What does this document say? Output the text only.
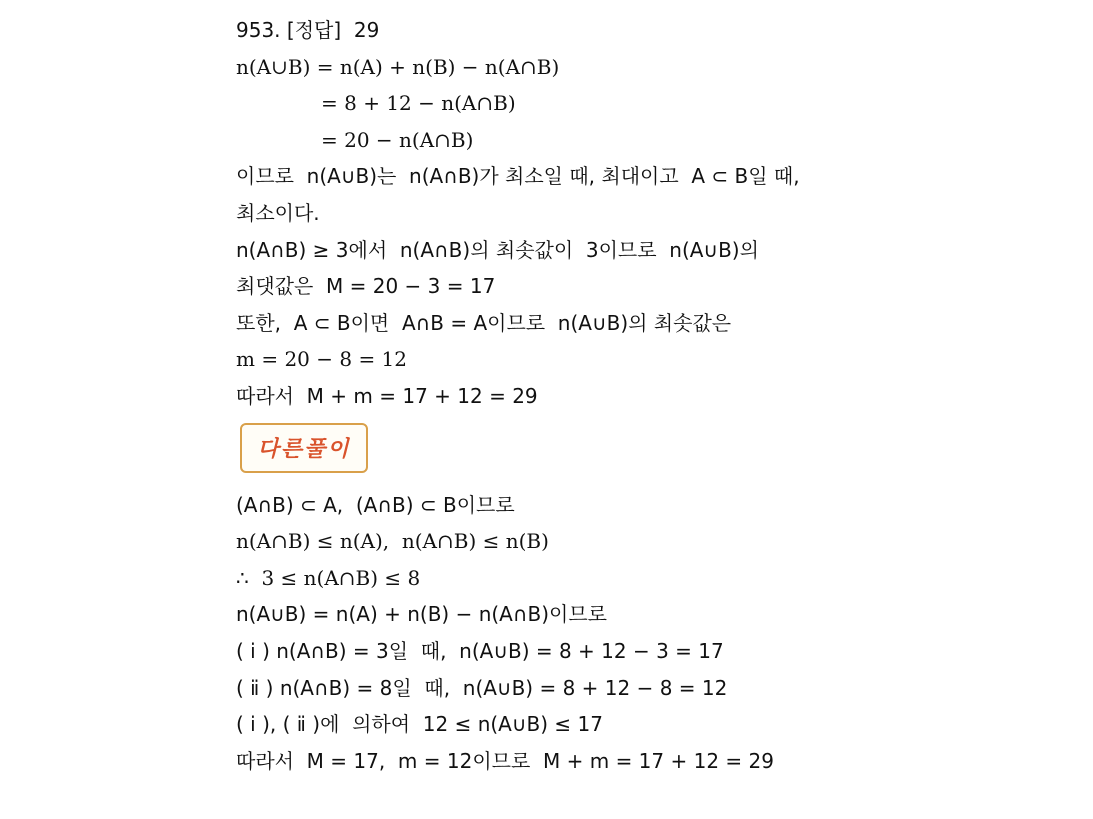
953. [정답]  29
n(A∪B) = n(A) + n(B) − n(A∩B)
= 8 + 12 − n(A∩B)
= 20 − n(A∩B)
이므로  n(A∪B)는  n(A∩B)가 최소일 때, 최대이고  A ⊂ B일 때,
최소이다.
n(A∩B) ≥ 3에서  n(A∩B)의 최솟값이  3이므로  n(A∪B)의
최댓값은  M = 20 − 3 = 17
또한,  A ⊂ B이면  A∩B = A이므로  n(A∪B)의 최솟값은
m = 20 − 8 = 12
따라서  M + m = 17 + 12 = 29
다른풀이
(A∩B) ⊂ A,  (A∩B) ⊂ B이므로
n(A∩B) ≤ n(A),  n(A∩B) ≤ n(B)
∴  3 ≤ n(A∩B) ≤ 8
n(A∪B) = n(A) + n(B) − n(A∩B)이므로
( ⅰ ) n(A∩B) = 3일  때,  n(A∪B) = 8 + 12 − 3 = 17
( ⅱ ) n(A∩B) = 8일  때,  n(A∪B) = 8 + 12 − 8 = 12
( ⅰ ), ( ⅱ )에  의하여  12 ≤ n(A∪B) ≤ 17
따라서  M = 17,  m = 12이므로  M + m = 17 + 12 = 29
